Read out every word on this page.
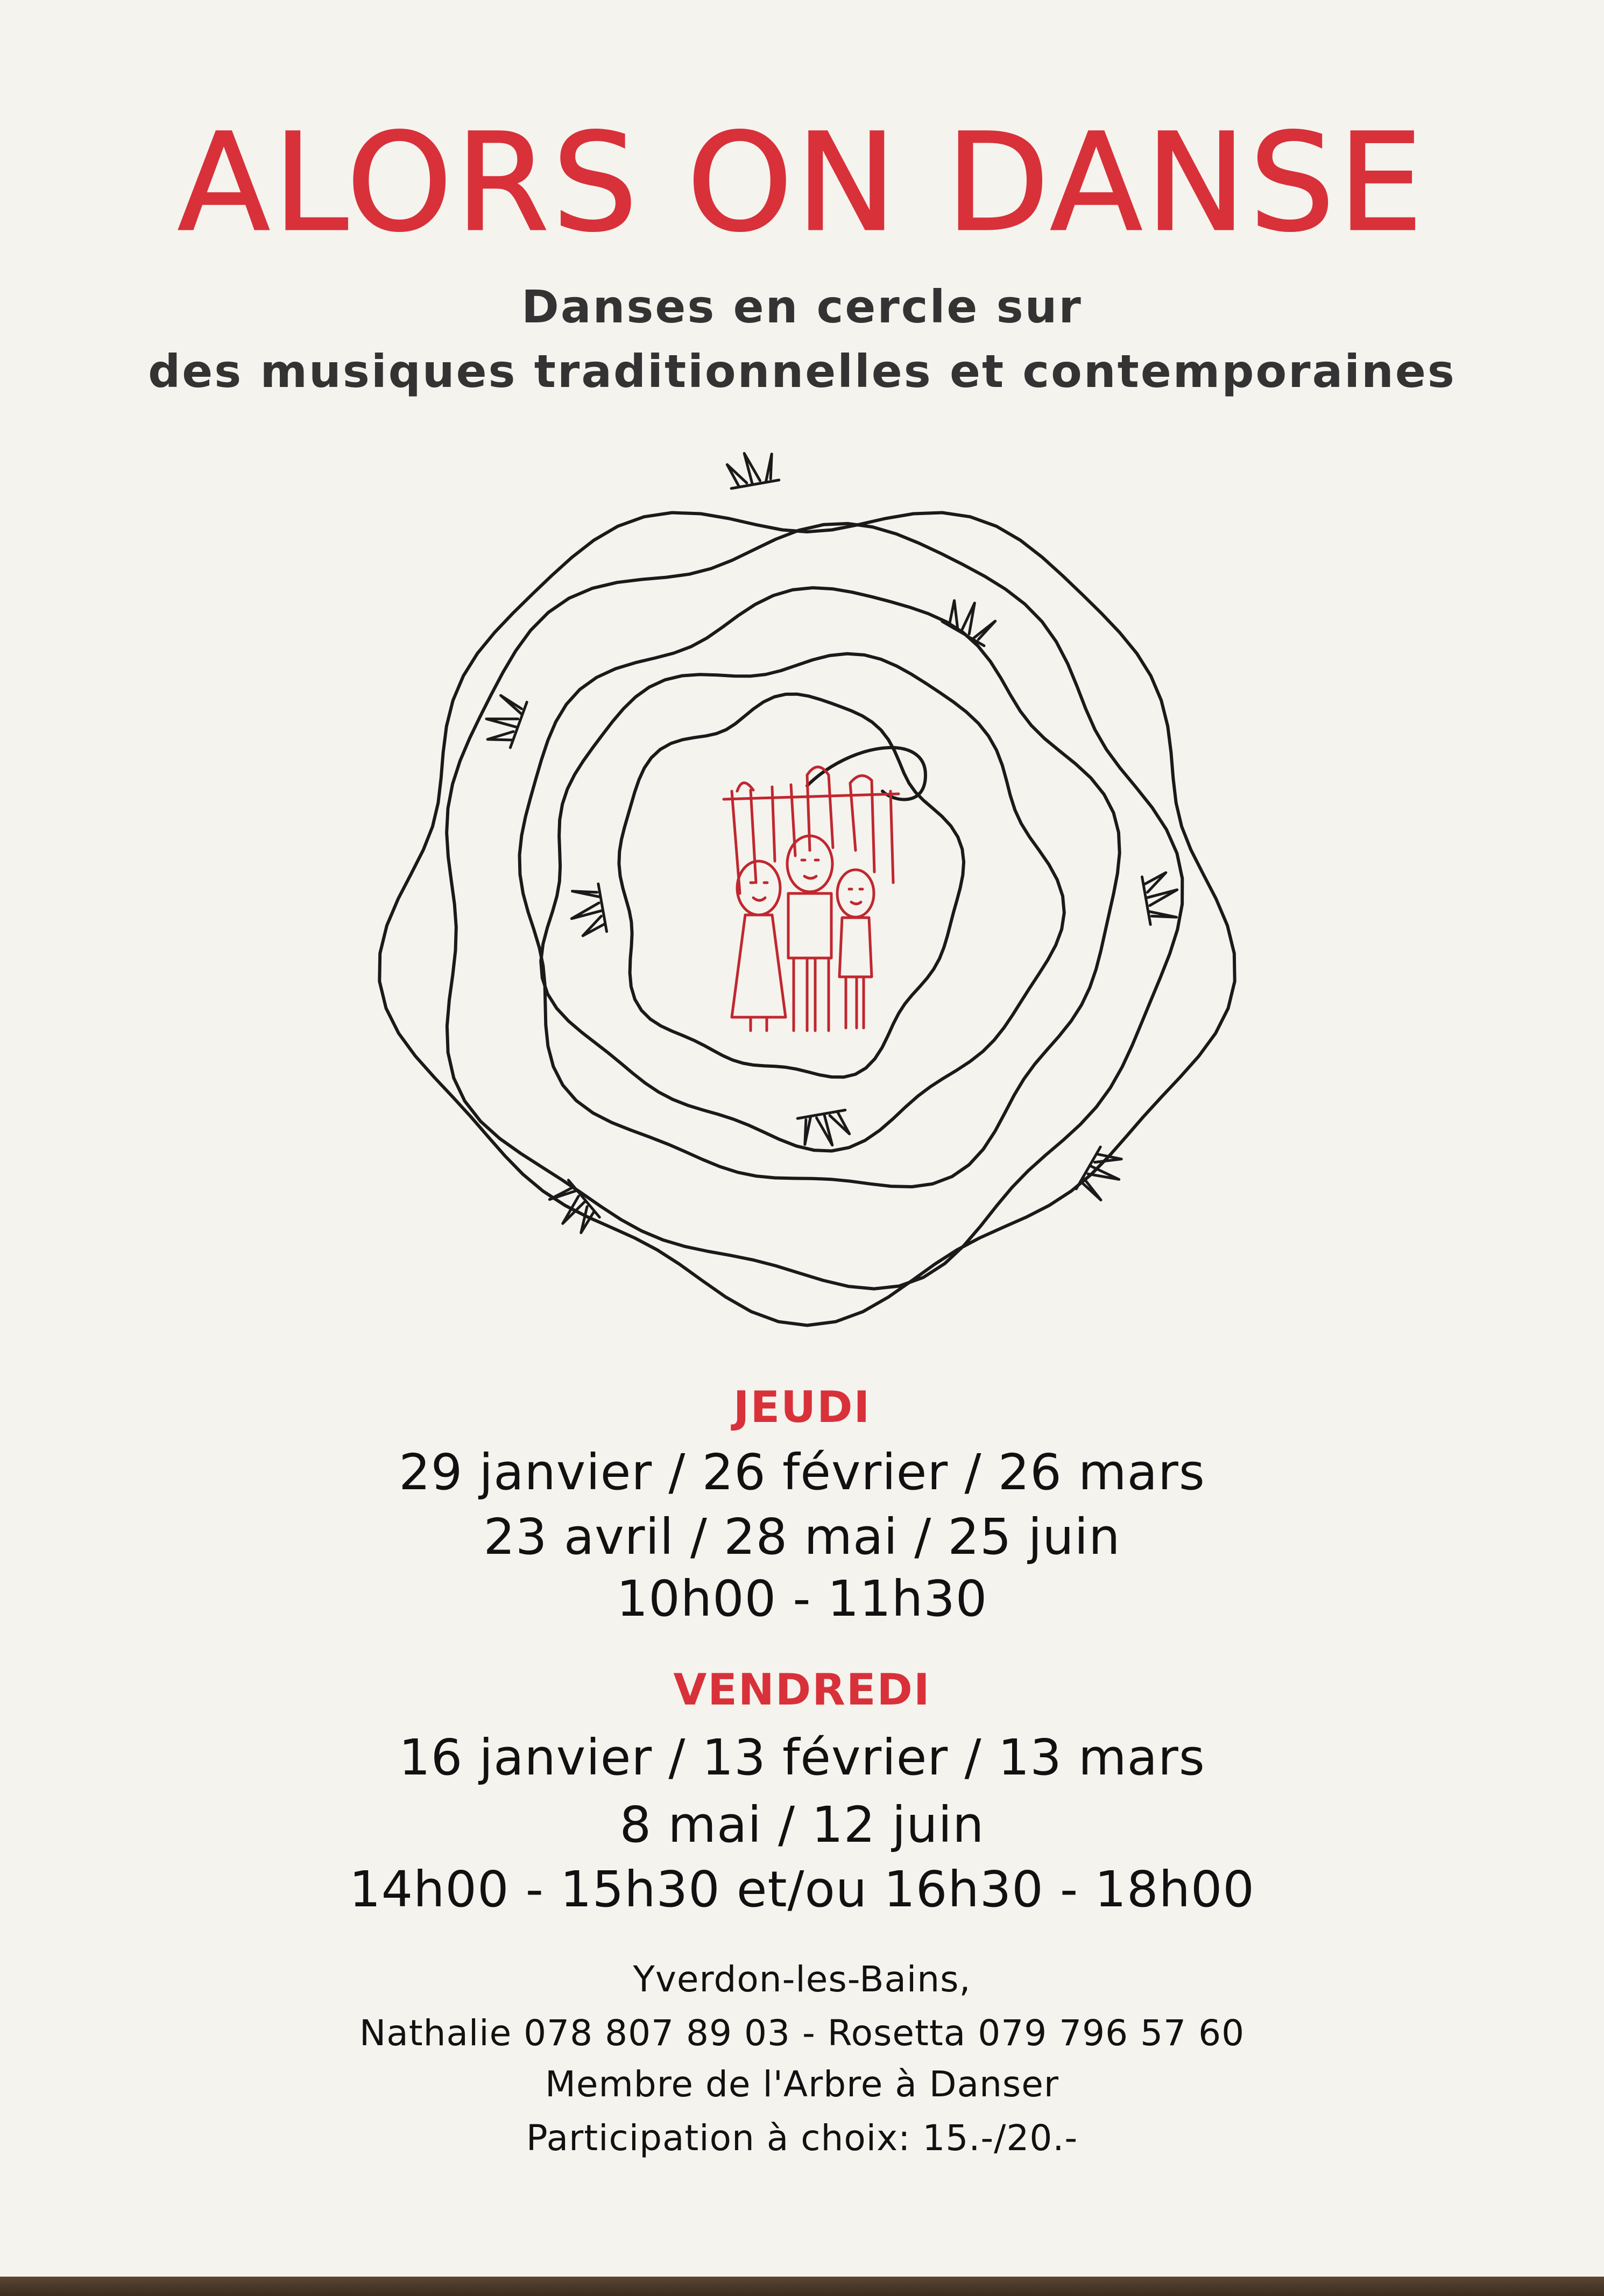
ALORS ON DANSE
Danses en cercle sur
des musiques traditionnelles et contemporaines
JEUDI
29 janvier / 26 février / 26 mars
23 avril / 28 mai / 25 juin
10h00 - 11h30
VENDREDI
16 janvier / 13 février / 13 mars
8 mai / 12 juin
14h00 - 15h30 et/ou 16h30 - 18h00
Yverdon-les-Bains,
Nathalie 078 807 89 03 - Rosetta 079 796 57 60
Membre de l'Arbre à Danser
Participation à choix: 15.-/20.-
